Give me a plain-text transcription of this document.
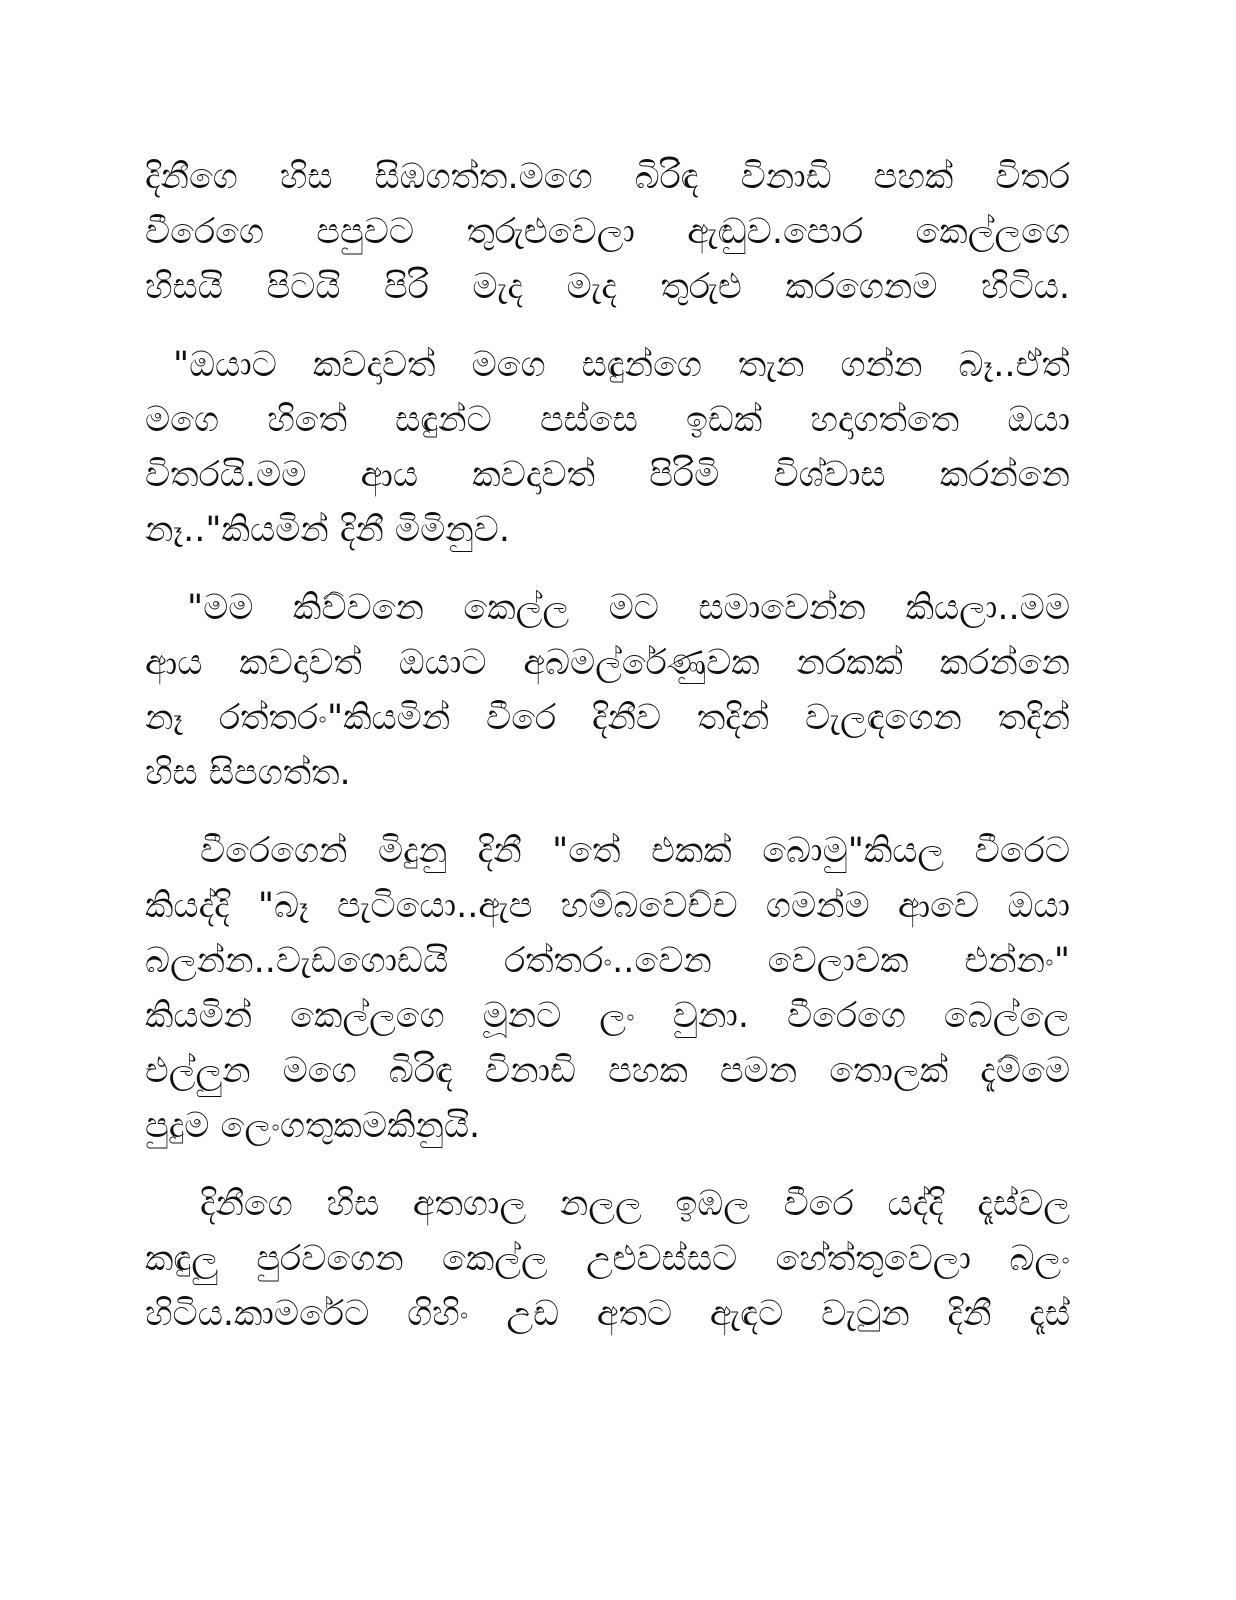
දිනීගෙ හිස සිඹගත්ත.මගෙ බිරිඳ විනාඩි පහක් විතර
වීරෙගෙ පපුවට තුරුළුවෙලා ඇඬුව.පොර කෙල්ලගෙ
හිසයි පිටයි පිරි මැද මැද තුරුළු කරගෙනම හිටිය.
"ඔයාට කවදාවත් මගෙ සඳුන්ගෙ තැන ගන්න බෑ..ඒත්
මගෙ හිතේ සඳුන්ට පස්සෙ ඉඩක් හදාගත්තෙ ඔයා
විතරයි.මම ආය කවදාවත් පිරිමි විශ්වාස කරන්නෙ
නෑ.."කියමින් දිනී මිමිනුව.
"මම කිව්වනෙ කෙල්ල මට සමාවෙන්න කියලා..මම
ආය කවදාවත් ඔයාට අබමල්රේණුවක නරකක් කරන්නෙ
නෑ රත්තරං"කියමින් වීරෙ දිනීව තදින් වැලඳගෙන තදින්
හිස සිපගත්ත.
වීරෙගෙන් මිදුනු දිනී "තේ එකක් බොමු"කියල වීරෙට
කියද්දි "බෑ පැටියො..ඇප හම්බවෙච්ච ගමන්ම ආවෙ ඔයා
බලන්න..වැඩගොඩයි රත්තරං..වෙන වෙලාවක එන්නං"
කියමින් කෙල්ලගෙ මූනට ලං වුනා. වීරෙගෙ බෙල්ලෙ
එල්ලුන මගෙ බිරිඳ විනාඩි පහක පමන තොලක් දැම්මෙ
පුදුම ලෙංගතුකමකිනුයි.
දිනීගෙ හිස අතගාල නලල ඉඹල වීරෙ යද්දි දෑස්වල
කඳුලු පුරවගෙන කෙල්ල උළුවස්සට හේත්තුවෙලා බලං
හිටිය.කාමරේට ගිහිං උඩ අතට ඇඳට වැටුන දිනී දෑස්
